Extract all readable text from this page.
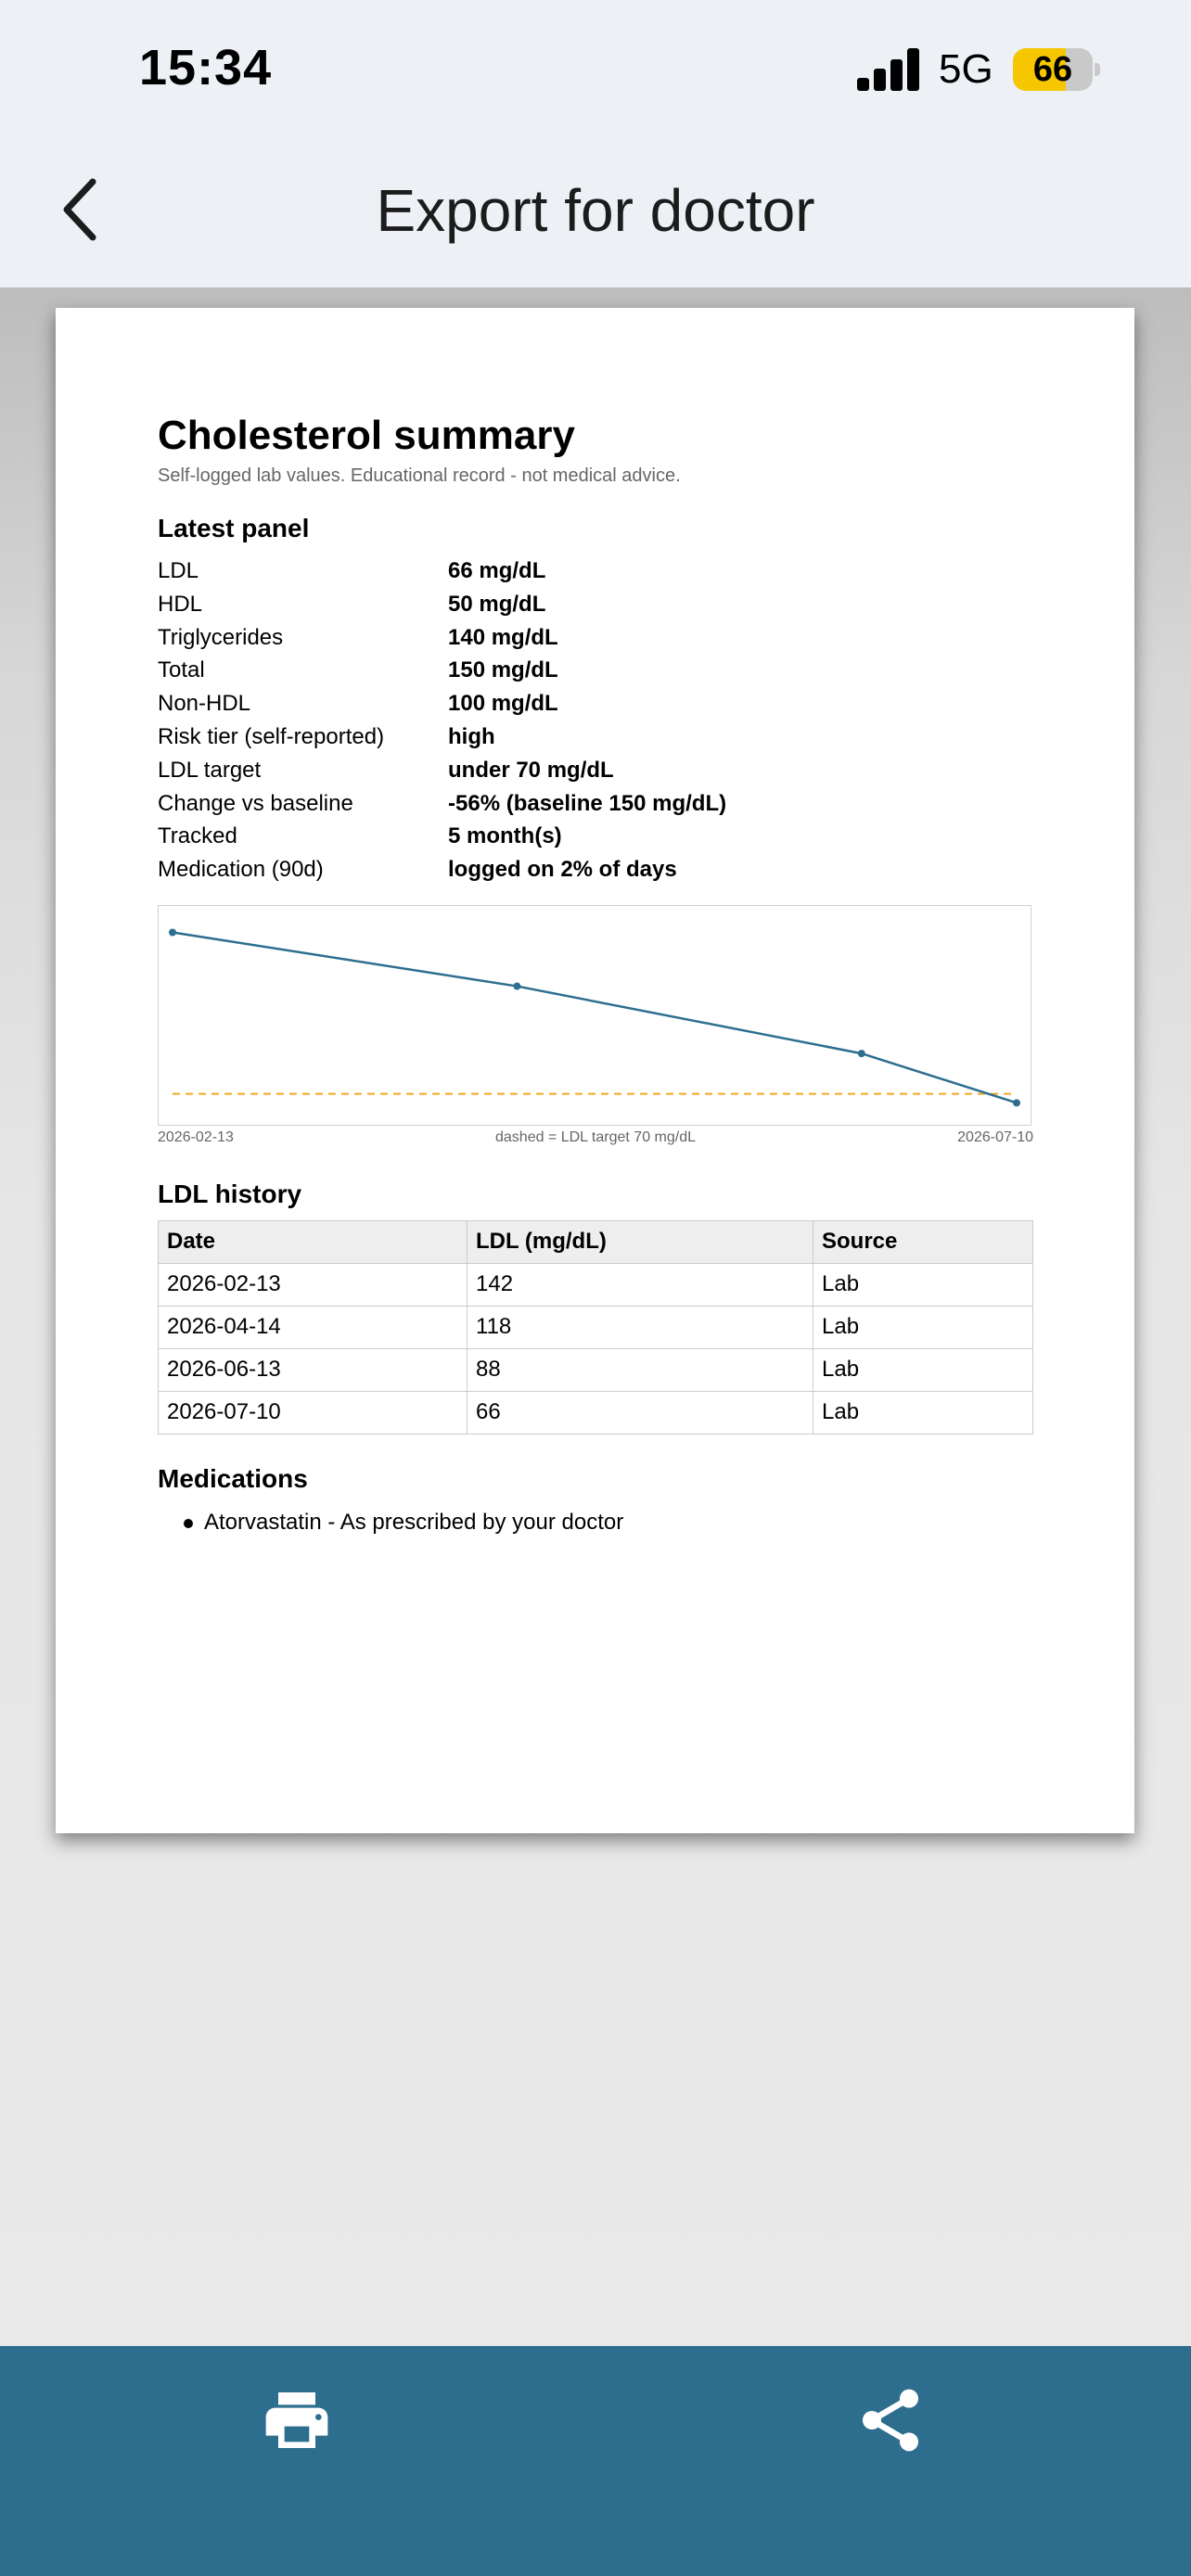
15:34	5G	66
Export for doctor
Cholesterol summary
Self-logged lab values. Educational record - not medical advice.
Latest panel
LDL	66 mg/dL
HDL	50 mg/dL
Triglycerides	140 mg/dL
Total	150 mg/dL
Non-HDL	100 mg/dL
Risk tier (self-reported)	high
LDL target	under 70 mg/dL
Change vs baseline	-56% (baseline 150 mg/dL)
Tracked	5 month(s)
Medication (90d)	logged on 2% of days
2026-02-13	dashed = LDL target 70 mg/dL	2026-07-10
LDL history
Date	LDL (mg/dL)	Source
2026-02-13	142	Lab
2026-04-14	118	Lab
2026-06-13	88	Lab
2026-07-10	66	Lab
Medications
Atorvastatin - As prescribed by your doctor
